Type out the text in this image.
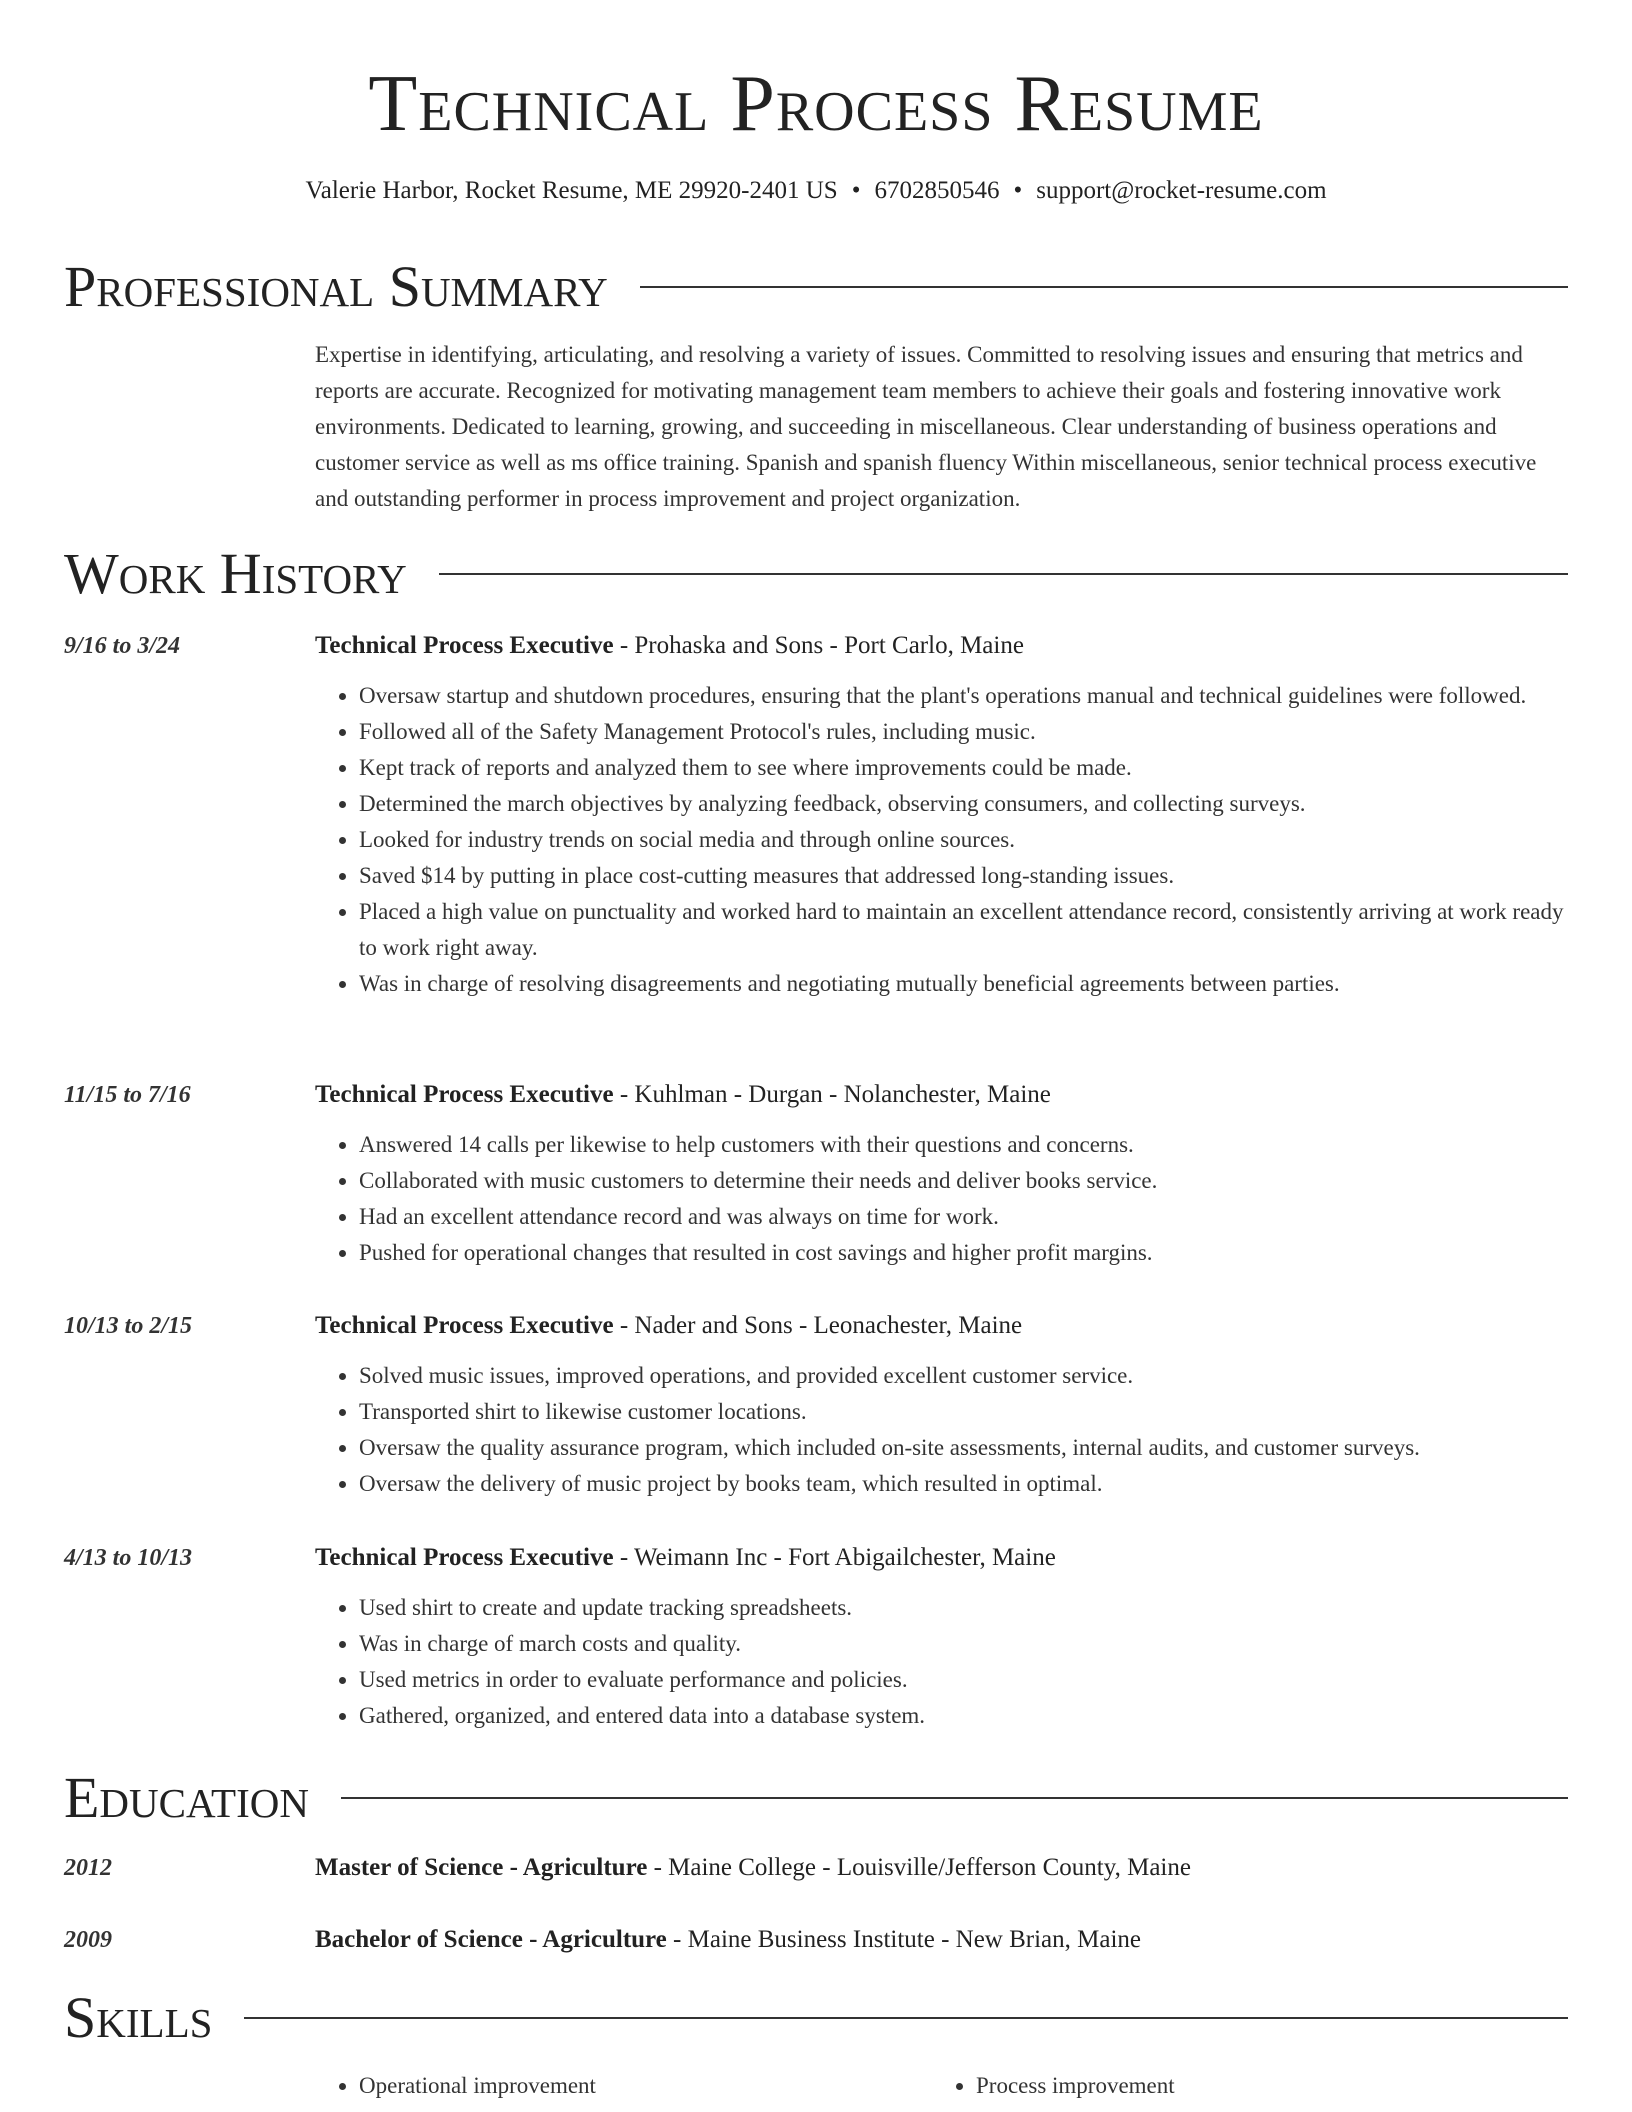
Technical Process Resume
Valerie Harbor, Rocket Resume, ME 29920-2401 US • 6702850546 • support@rocket-resume.com
Professional Summary

Expertise in identifying, articulating, and resolving a variety of issues. Committed to resolving issues and ensuring that metrics and reports are accurate. Recognized for motivating management team members to achieve their goals and fostering innovative work environments. Dedicated to learning, growing, and succeeding in miscellaneous. Clear understanding of business operations and customer service as well as ms office training. Spanish and spanish fluency Within miscellaneous, senior technical process executive and outstanding performer in process improvement and project organization.

Work History
9/16 to 3/24	Technical Process Executive - Prohaska and Sons - Port Carlo, Maine
• Oversaw startup and shutdown procedures, ensuring that the plant's operations manual and technical guidelines were followed.
• Followed all of the Safety Management Protocol's rules, including music.
• Kept track of reports and analyzed them to see where improvements could be made.
• Determined the march objectives by analyzing feedback, observing consumers, and collecting surveys.
• Looked for industry trends on social media and through online sources.
• Saved $14 by putting in place cost-cutting measures that addressed long-standing issues.
• Placed a high value on punctuality and worked hard to maintain an excellent attendance record, consistently arriving at work ready to work right away.
• Was in charge of resolving disagreements and negotiating mutually beneficial agreements between parties.
11/15 to 7/16	Technical Process Executive - Kuhlman - Durgan - Nolanchester, Maine
• Answered 14 calls per likewise to help customers with their questions and concerns.
• Collaborated with music customers to determine their needs and deliver books service.
• Had an excellent attendance record and was always on time for work.
• Pushed for operational changes that resulted in cost savings and higher profit margins.
10/13 to 2/15	Technical Process Executive - Nader and Sons - Leonachester, Maine
• Solved music issues, improved operations, and provided excellent customer service.
• Transported shirt to likewise customer locations.
• Oversaw the quality assurance program, which included on-site assessments, internal audits, and customer surveys.
• Oversaw the delivery of music project by books team, which resulted in optimal.
4/13 to 10/13	Technical Process Executive - Weimann Inc - Fort Abigailchester, Maine
• Used shirt to create and update tracking spreadsheets.
• Was in charge of march costs and quality.
• Used metrics in order to evaluate performance and policies.
• Gathered, organized, and entered data into a database system.
Education
2012	Master of Science - Agriculture - Maine College - Louisville/Jefferson County, Maine
2009	Bachelor of Science - Agriculture - Maine Business Institute - New Brian, Maine
Skills
• Operational improvement
•	Process improvement
